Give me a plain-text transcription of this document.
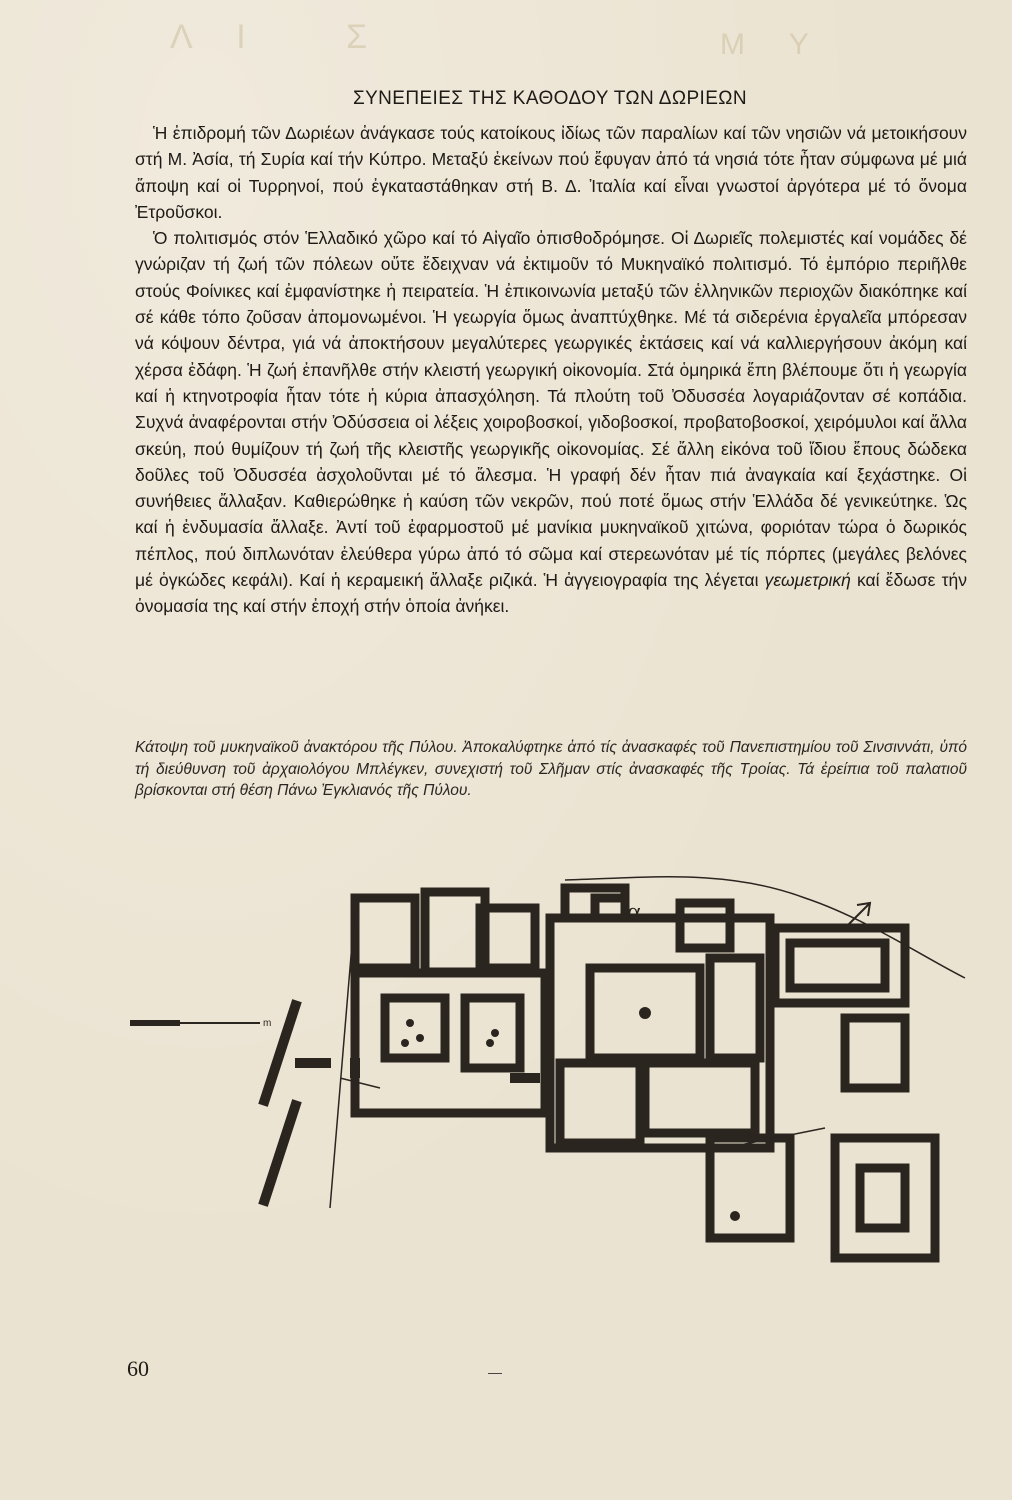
Λ Ι   Σ	Μ Υ
ΣΥΝΕΠΕΙΕΣ ΤΗΣ ΚΑΘΟΔΟΥ ΤΩΝ ΔΩΡΙΕΩΝ

Ἡ ἐπιδρομή τῶν Δωριέων ἀνάγκασε τούς κατοίκους ἰδίως τῶν παραλίων καί τῶν νησιῶν νά μετοικήσουν στή Μ. Ἀσία, τή Συρία καί τήν Κύπρο. Μεταξύ ἐκείνων πού ἔφυγαν ἀπό τά νησιά τότε ἦταν σύμφωνα μέ μιά ἄποψη καί οἱ Τυρρηνοί, πού ἐγκαταστάθηκαν στή Β. Δ. Ἰταλία καί εἶναι γνωστοί ἀργότερα μέ τό ὄνομα Ἐτροῦσκοι.

Ὁ πολιτισμός στόν Ἑλλαδικό χῶρο καί τό Αἰγαῖο ὀπισθοδρόμησε. Οἱ Δωριεῖς πολεμιστές καί νομάδες δέ γνώριζαν τή ζωή τῶν πόλεων οὔτε ἔδειχναν νά ἐκτιμοῦν τό Μυκηναϊκό πολιτισμό. Τό ἐμπόριο περιῆλθε στούς Φοίνικες καί ἐμφανίστηκε ἡ πειρατεία. Ἡ ἐπικοινωνία μεταξύ τῶν ἑλληνικῶν περιοχῶν διακόπηκε καί σέ κάθε τόπο ζοῦσαν ἀπομονωμένοι. Ἡ γεωργία ὅμως ἀναπτύχθηκε. Μέ τά σιδερένια ἐργαλεῖα μπόρεσαν νά κόψουν δέντρα, γιά νά ἀποκτήσουν μεγαλύτερες γεωργικές ἐκτάσεις καί νά καλλιεργήσουν ἀκόμη καί χέρσα ἐδάφη. Ἡ ζωή ἐπανῆλθε στήν κλειστή γεωργική οἰκονομία. Στά ὁμηρικά ἔπη βλέπουμε ὅτι ἡ γεωργία καί ἡ κτηνοτροφία ἦταν τότε ἡ κύρια ἀπασχόληση. Τά πλούτη τοῦ Ὀδυσσέα λογαριάζονταν σέ κοπάδια. Συχνά ἀναφέρονται στήν Ὀδύσσεια οἱ λέξεις χοιροβοσκοί, γιδοβοσκοί, προβατοβοσκοί, χειρόμυλοι καί ἄλλα σκεύη, πού θυμίζουν τή ζωή τῆς κλειστῆς γεωργικῆς οἰκονομίας. Σέ ἄλλη εἰκόνα τοῦ ἴδιου ἔπους δώδεκα δοῦλες τοῦ Ὀδυσσέα ἀσχολοῦνται μέ τό ἄλεσμα. Ἡ γραφή δέν ἦταν πιά ἀναγκαία καί ξεχάστηκε. Οἱ συνήθειες ἄλλαξαν. Καθιερώθηκε ἡ καύση τῶν νεκρῶν, πού ποτέ ὅμως στήν Ἑλλάδα δέ γενικεύτηκε. Ὡς καί ἡ ἐνδυμασία ἄλλαξε. Ἀντί τοῦ ἐφαρμοστοῦ μέ μανίκια μυκηναϊκοῦ χιτώνα, φοριόταν τώρα ὁ δωρικός πέπλος, πού διπλωνόταν ἐλεύθερα γύρω ἀπό τό σῶμα καί στερεωνόταν μέ τίς πόρπες (μεγάλες βελόνες μέ ὀγκώδες κεφάλι). Καί ἡ κεραμεική ἄλλαξε ριζικά. Ἡ ἀγγειογραφία της λέγεται γεωμετρική καί ἔδωσε τήν ὀνομασία της καί στήν ἐποχή στήν ὁποία ἀνήκει.

Κάτοψη τοῦ μυκηναϊκοῦ ἀνακτόρου τῆς Πύλου. Ἀποκαλύφτηκε ἀπό τίς ἀνασκαφές τοῦ Πανεπιστημίου τοῦ Σινσιννάτι, ὑπό τή διεύθυνση τοῦ ἀρχαιολόγου Μπλέγκεν, συνεχιστή τοῦ Σλῆμαν στίς ἀνασκαφές τῆς Τροίας. Τά ἐρείπια τοῦ παλατιοῦ βρίσκονται στή θέση Πάνω Ἐγκλιανός τῆς Πύλου.
α
m
60
